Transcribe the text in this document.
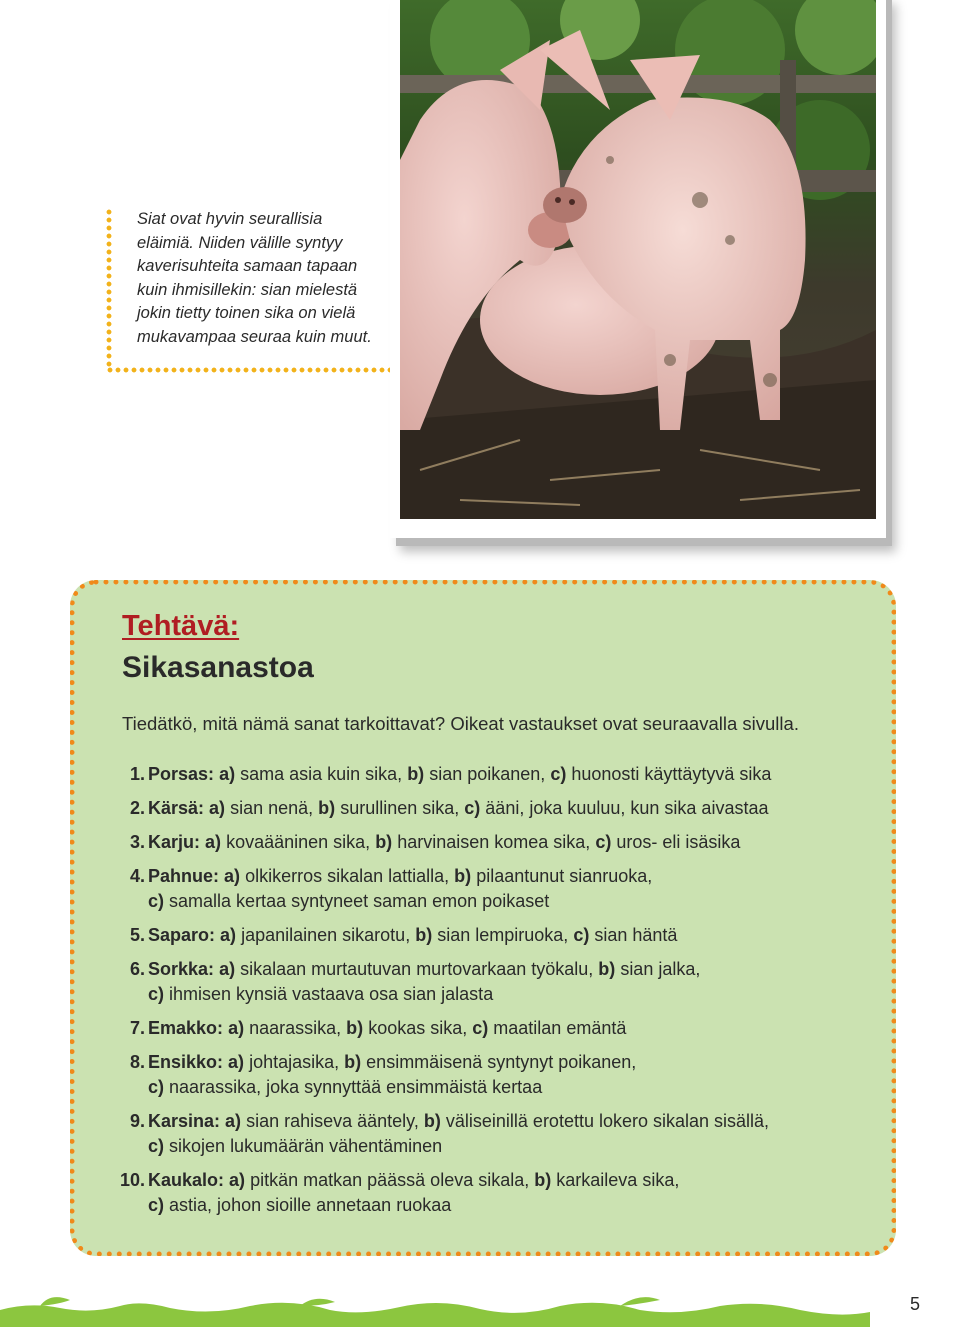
Siat ovat hyvin seurallisia
eläimiä. Niiden välille syntyy
kaverisuhteita samaan tapaan
kuin ihmisillekin: sian mielestä
jokin tietty toinen sika on vielä
mukavampaa seuraa kuin muut.
Tehtävä:
Sikasanastoa
Tiedätkö, mitä nämä sanat tarkoittavat? Oikeat vastaukset ovat seuraavalla sivulla.
1. Porsas: a) sama asia kuin sika, b) sian poikanen, c) huonosti käyttäytyvä sika
2. Kärsä: a) sian nenä, b) surullinen sika, c) ääni, joka kuuluu, kun sika aivastaa
3. Karju: a) kovaääninen sika, b) harvinaisen komea sika, c) uros- eli isäsika
4. Pahnue: a) olkikerros sikalan lattialla, b) pilaantunut sianruoka,
c) samalla kertaa syntyneet saman emon poikaset
5. Saparo: a) japanilainen sikarotu, b) sian lempiruoka, c) sian häntä
6. Sorkka: a) sikalaan murtautuvan murtovarkaan työkalu, b) sian jalka,
c) ihmisen kynsiä vastaava osa sian jalasta
7. Emakko: a) naarassika, b) kookas sika, c) maatilan emäntä
8. Ensikko: a) johtajasika, b) ensimmäisenä syntynyt poikanen,
c) naarassika, joka synnyttää ensimmäistä kertaa
9. Karsina: a) sian rahiseva ääntely, b) väliseinillä erotettu lokero sikalan sisällä,
c) sikojen lukumäärän vähentäminen
10. Kaukalo: a) pitkän matkan päässä oleva sikala, b) karkaileva sika,
c) astia, johon sioille annetaan ruokaa
5
